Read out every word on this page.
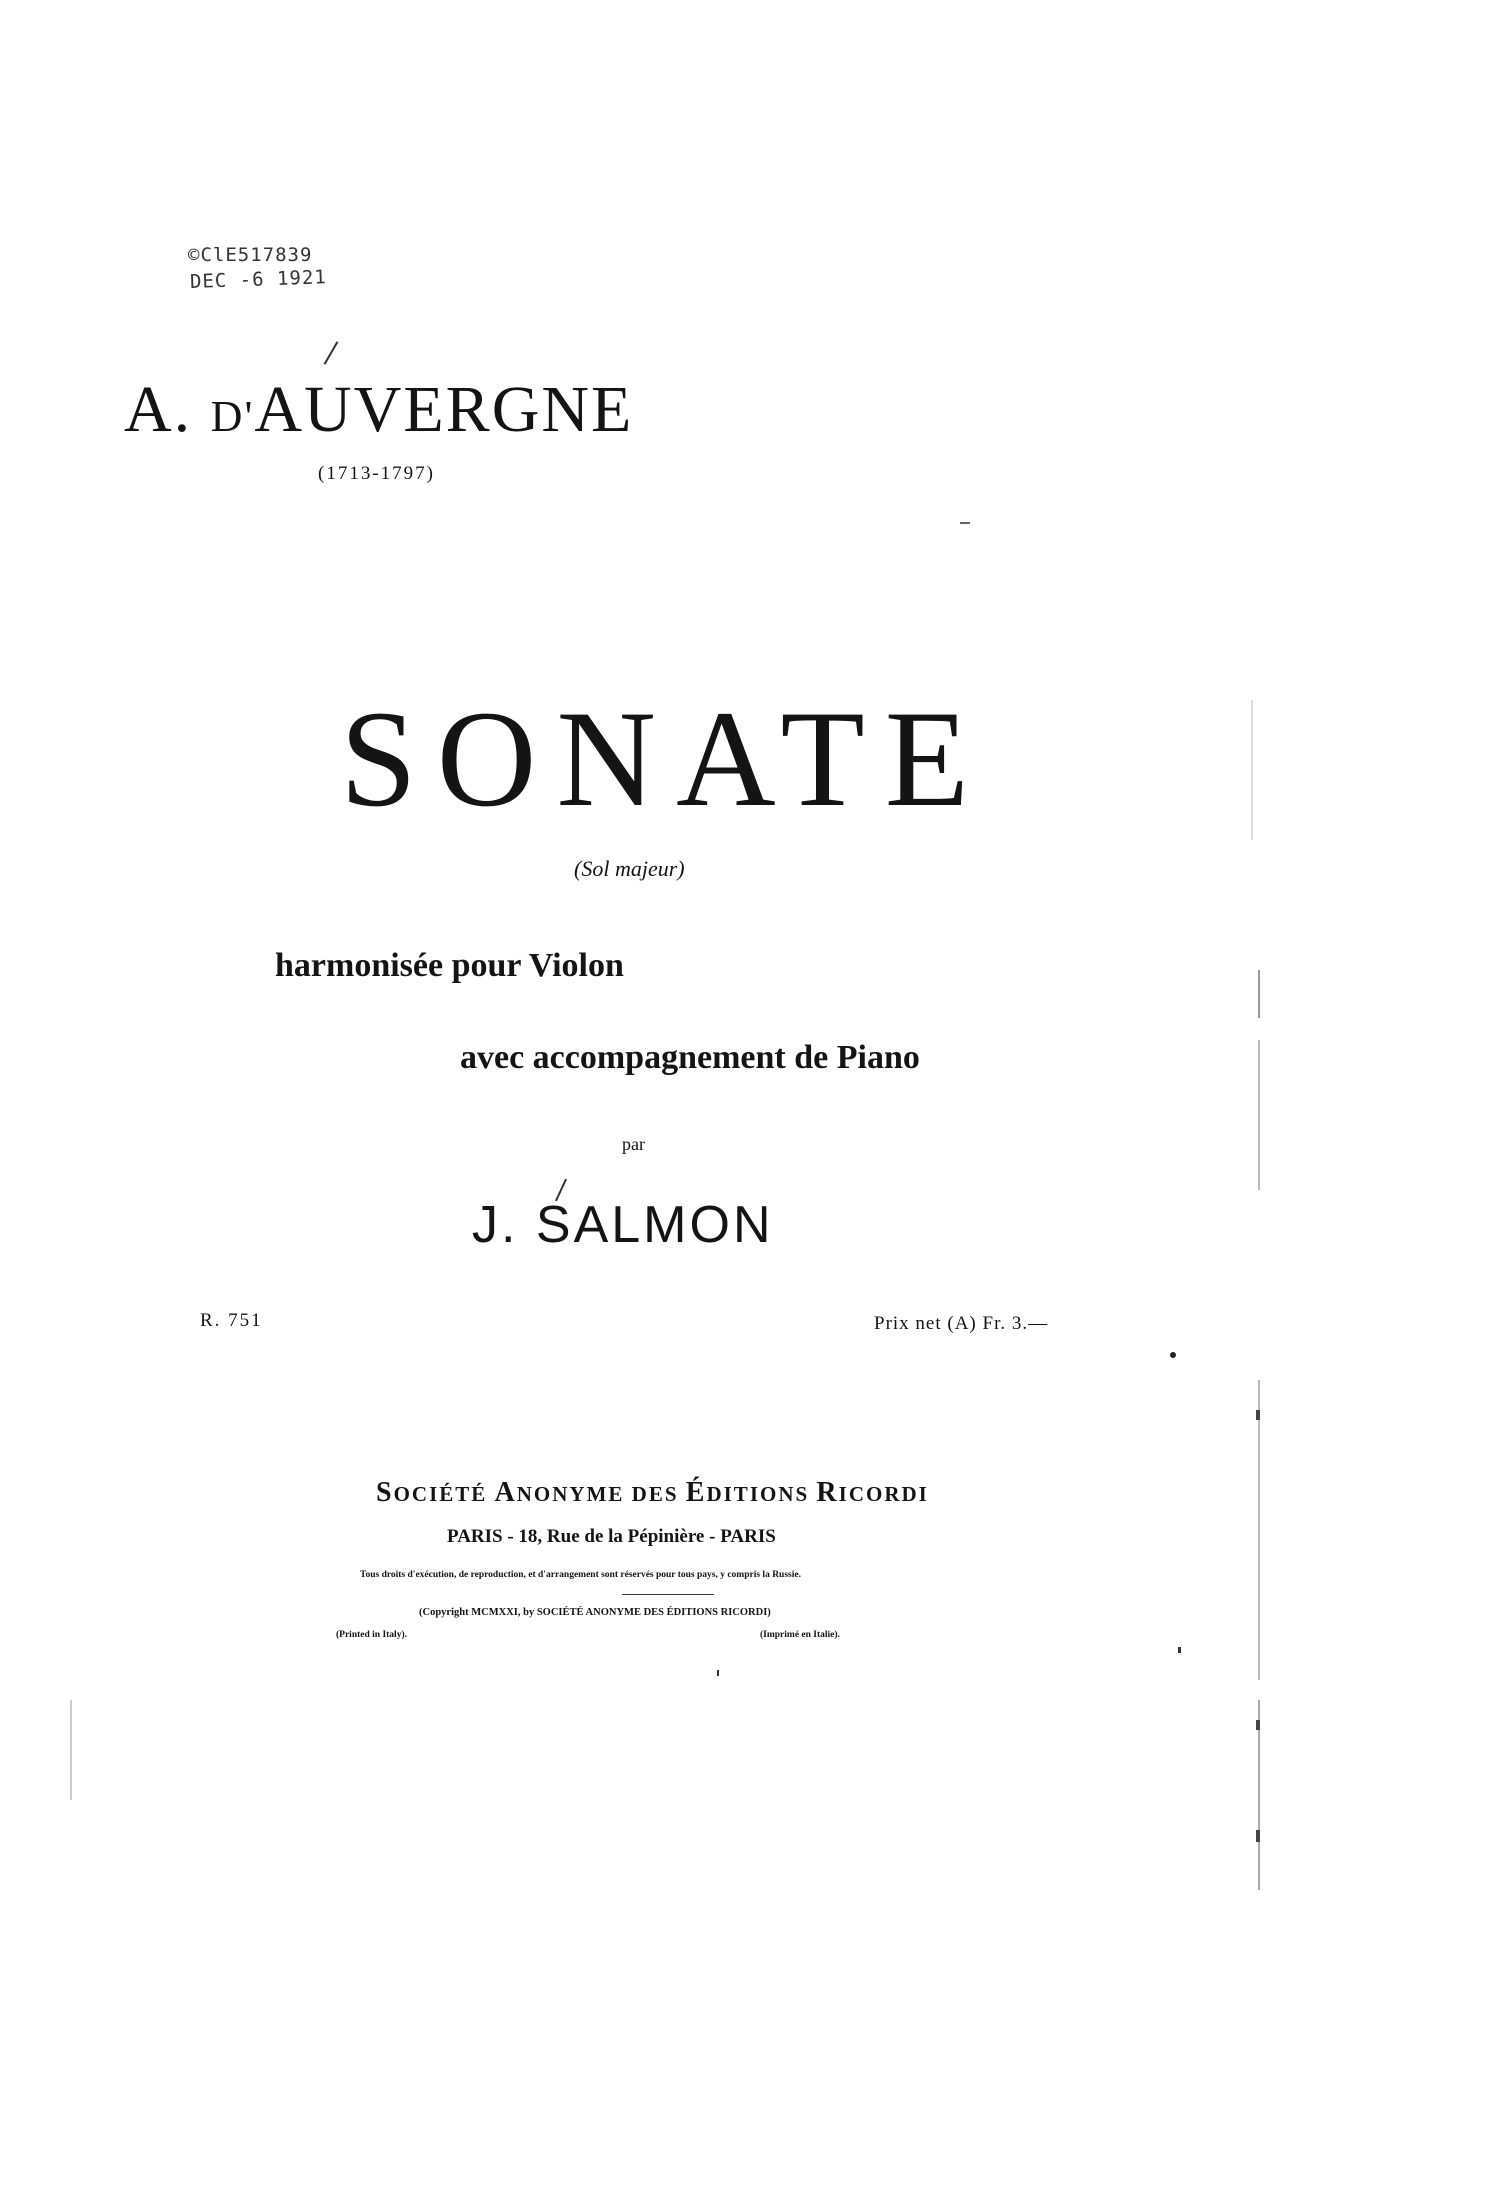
©ClE517839

DEC -6 1921
A. D'AUVERGNE
(1713-1797)
SONATE
(Sol majeur)
harmonisée pour Violon
avec accompagnement de Piano
par
J. SALMON
R. 751	Prix net (A) Fr. 3.—
SOCIÉTÉ ANONYME DES ÉDITIONS RICORDI
PARIS - 18, Rue de la Pépinière - PARIS
Tous droits d'exécution, de reproduction, et d'arrangement sont réservés pour tous pays, y compris la Russie.
(Copyright MCMXXI, by SOCIÉTÉ ANONYME DES ÉDITIONS RICORDI)
(Printed in Italy).	(Imprimé en Italie).
